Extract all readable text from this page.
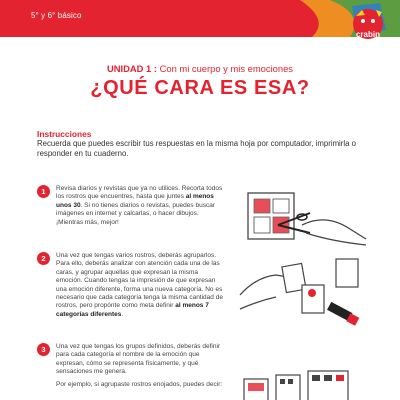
5° y 6° básico
crabin
UNIDAD 1 : Con mi cuerpo y mis emociones
¿QUÉ CARA ES ESA?
Instrucciones
Recuerda que puedes escribir tus respuestas en la misma hoja por computador, imprimirla o responder en tu cuaderno.
1	Revisa diarios y revistas que ya no utilices. Recorta todos los rostros que encuentres, hasta que juntes al menos unos 30. Si no tienes diarios o revistas, puedes buscar imágenes en internet y calcarlas, o hacer dibujos. ¡Mientras más, mejor!
2	Una vez que tengas varios rostros, deberás agruparlos. Para ello, deberás analizar con atención cada una de las caras, y agrupar aquellas que expresan la misma emoción. Cuando tengas la impresión de que expresan una emoción diferente, forma una nueva categoría. No es necesario que cada categoría tenga la misma cantidad de rostros, pero propónte como meta definir al menos 7 categorías diferentes.
3	Una vez que tengas los grupos definidos, deberás definir para cada categoría el nombre de la emoción que expresan, cómo se representa físicamente, y qué sensaciones me genera.
Por ejemplo, si agrupaste rostros enojados, puedes decir:
